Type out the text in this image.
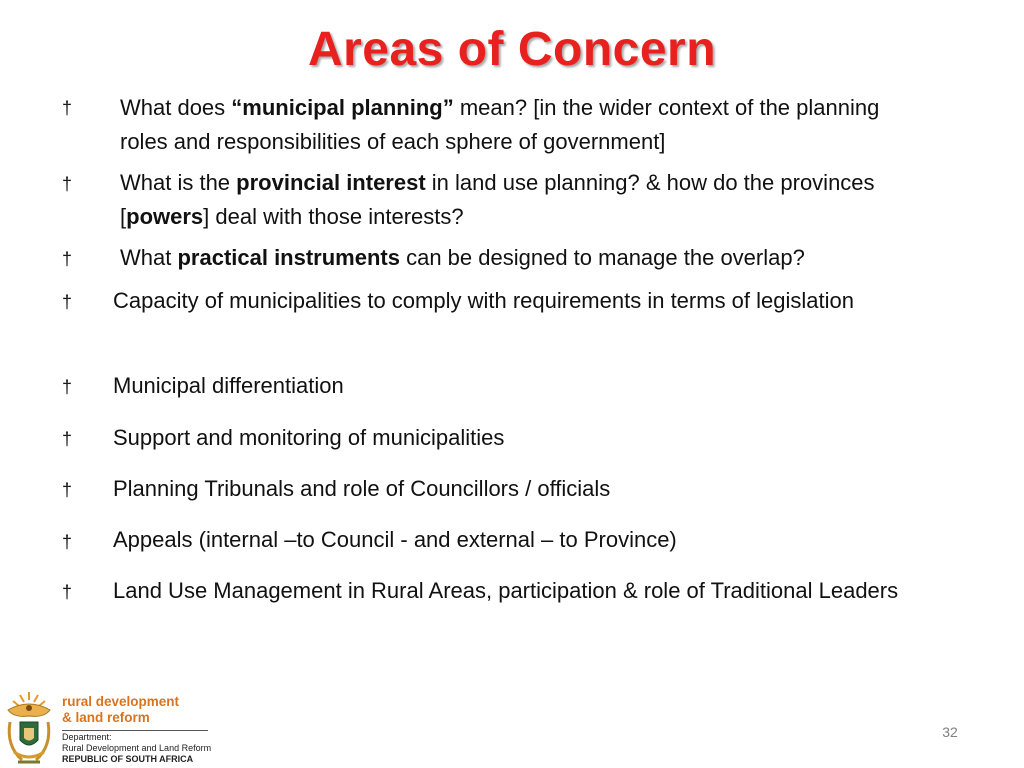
Areas of Concern
† What does “municipal planning” mean? [in the wider context of the planning roles and responsibilities of each sphere of government]
† What is the provincial interest in land use planning? & how do the provinces [powers] deal with those interests?
† What practical instruments can be designed to manage the overlap?
† Capacity of municipalities to comply with requirements in terms of legislation
† Municipal differentiation
† Support and monitoring of municipalities
† Planning Tribunals and role of Councillors / officials
† Appeals (internal –to Council - and external – to Province)
† Land Use Management in Rural Areas, participation & role of Traditional Leaders
rural development
& land reform
Department:
Rural Development and Land Reform
REPUBLIC OF SOUTH AFRICA
32
